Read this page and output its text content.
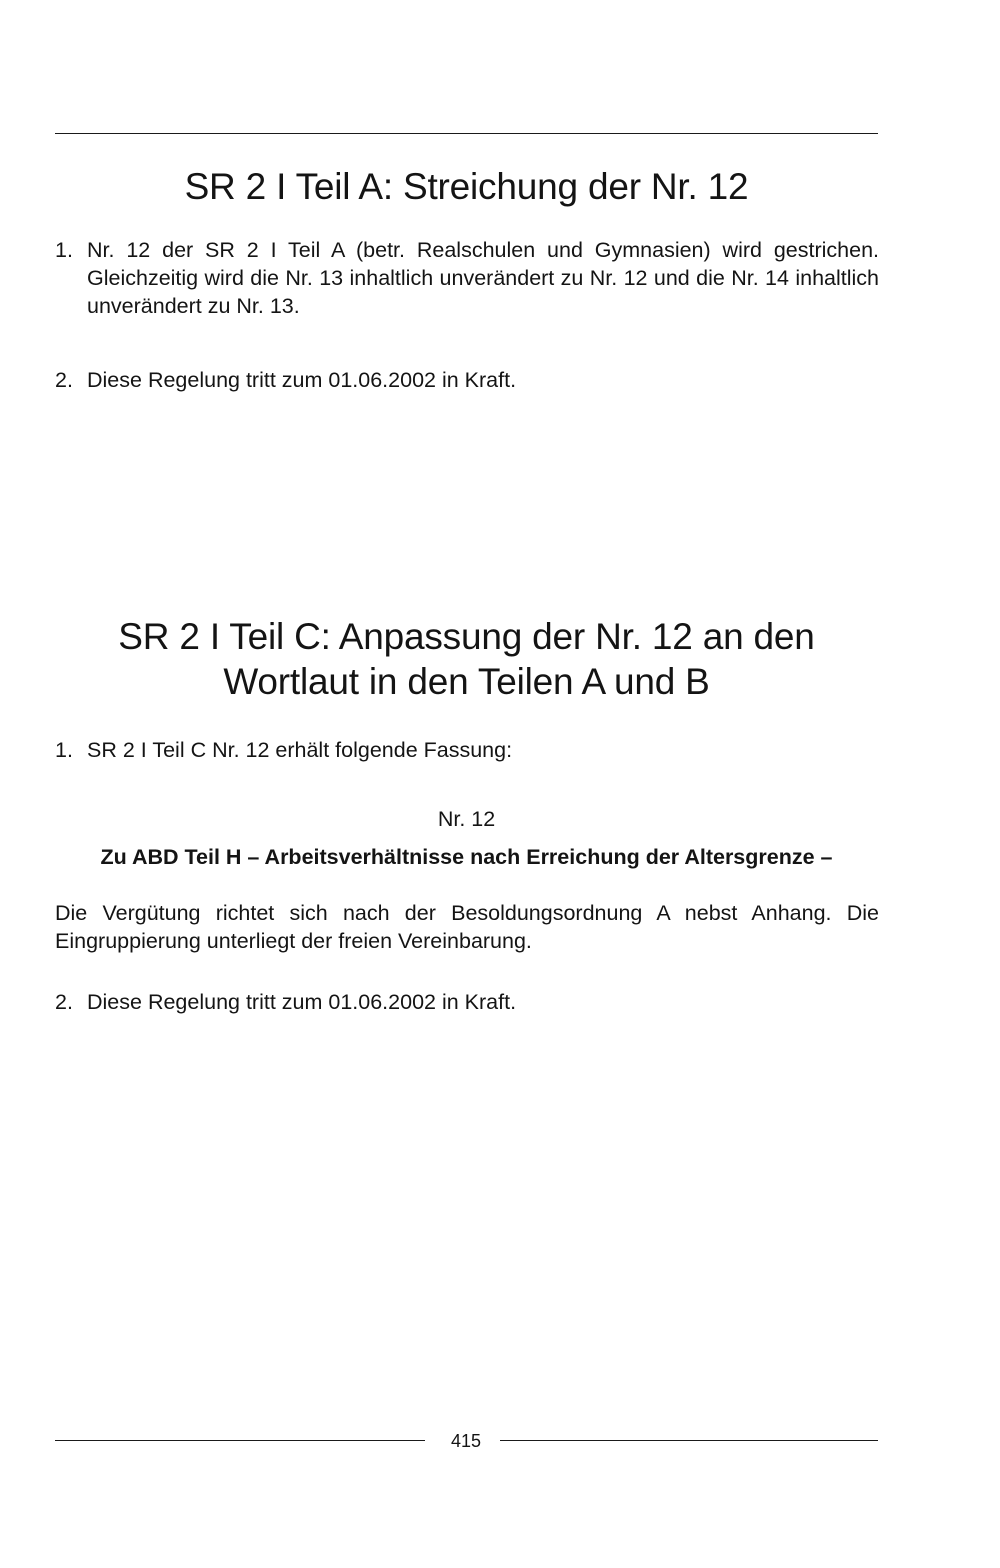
SR 2 I Teil A: Streichung der Nr. 12
1. Nr. 12 der SR 2 I Teil A (betr. Realschulen und Gymnasien) wird gestrichen. Gleichzeitig wird die Nr. 13 inhaltlich unverändert zu Nr. 12 und die Nr. 14 inhaltlich unverändert zu Nr. 13.
2. Diese Regelung tritt zum 01.06.2002 in Kraft.
SR 2 I Teil C: Anpassung der Nr. 12 an den
Wortlaut in den Teilen A und B
1. SR 2 I Teil C Nr. 12 erhält folgende Fassung:
Nr. 12
Zu ABD Teil H – Arbeitsverhältnisse nach Erreichung der Altersgrenze –
Die Vergütung richtet sich nach der Besoldungsordnung A nebst Anhang. Die Eingruppierung unterliegt der freien Vereinbarung.
2. Diese Regelung tritt zum 01.06.2002 in Kraft.
415
